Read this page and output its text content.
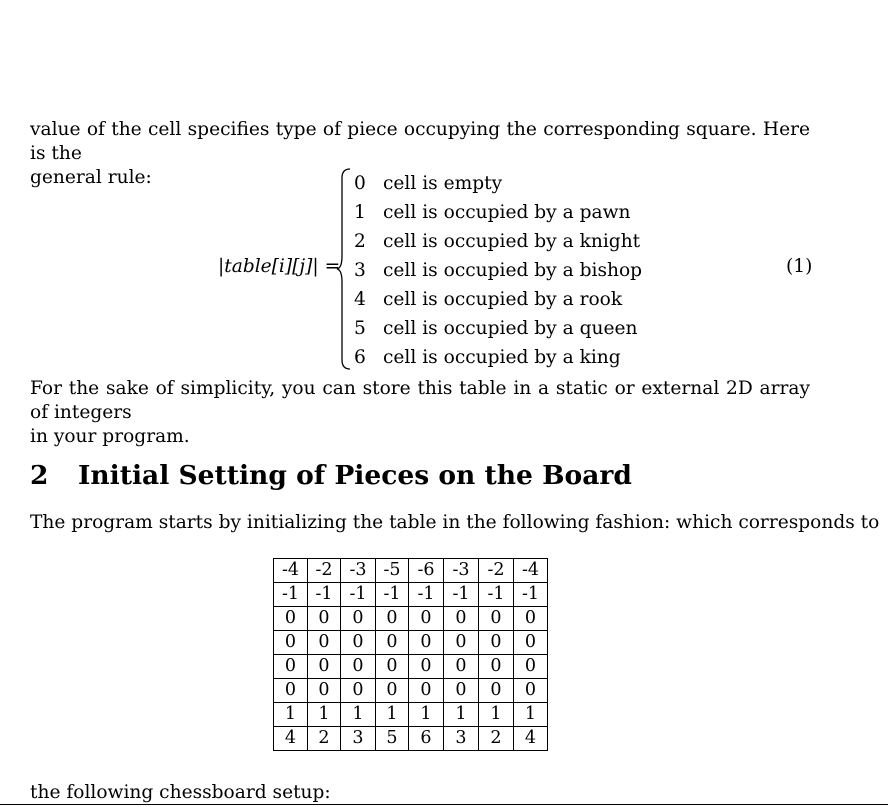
value of the cell specifies type of piece occupying the corresponding square. Here is the
general rule:

|table[i][j]| =
0 cell is empty
1 cell is occupied by a pawn
2 cell is occupied by a knight
3 cell is occupied by a bishop
4 cell is occupied by a rook
5 cell is occupied by a queen
6 cell is occupied by a king
(1)

For the sake of simplicity, you can store this table in a static or external 2D array of integers
in your program.

2 Initial Setting of Pieces on the Board

The program starts by initializing the table in the following fashion: which corresponds to

-4	-2	-3	-5	-6	-3	-2	-4
-1	-1	-1	-1	-1	-1	-1	-1
0	0	0	0	0	0	0	0
0	0	0	0	0	0	0	0
0	0	0	0	0	0	0	0
0	0	0	0	0	0	0	0
1	1	1	1	1	1	1	1
4	2	3	5	6	3	2	4

the following chessboard setup:
